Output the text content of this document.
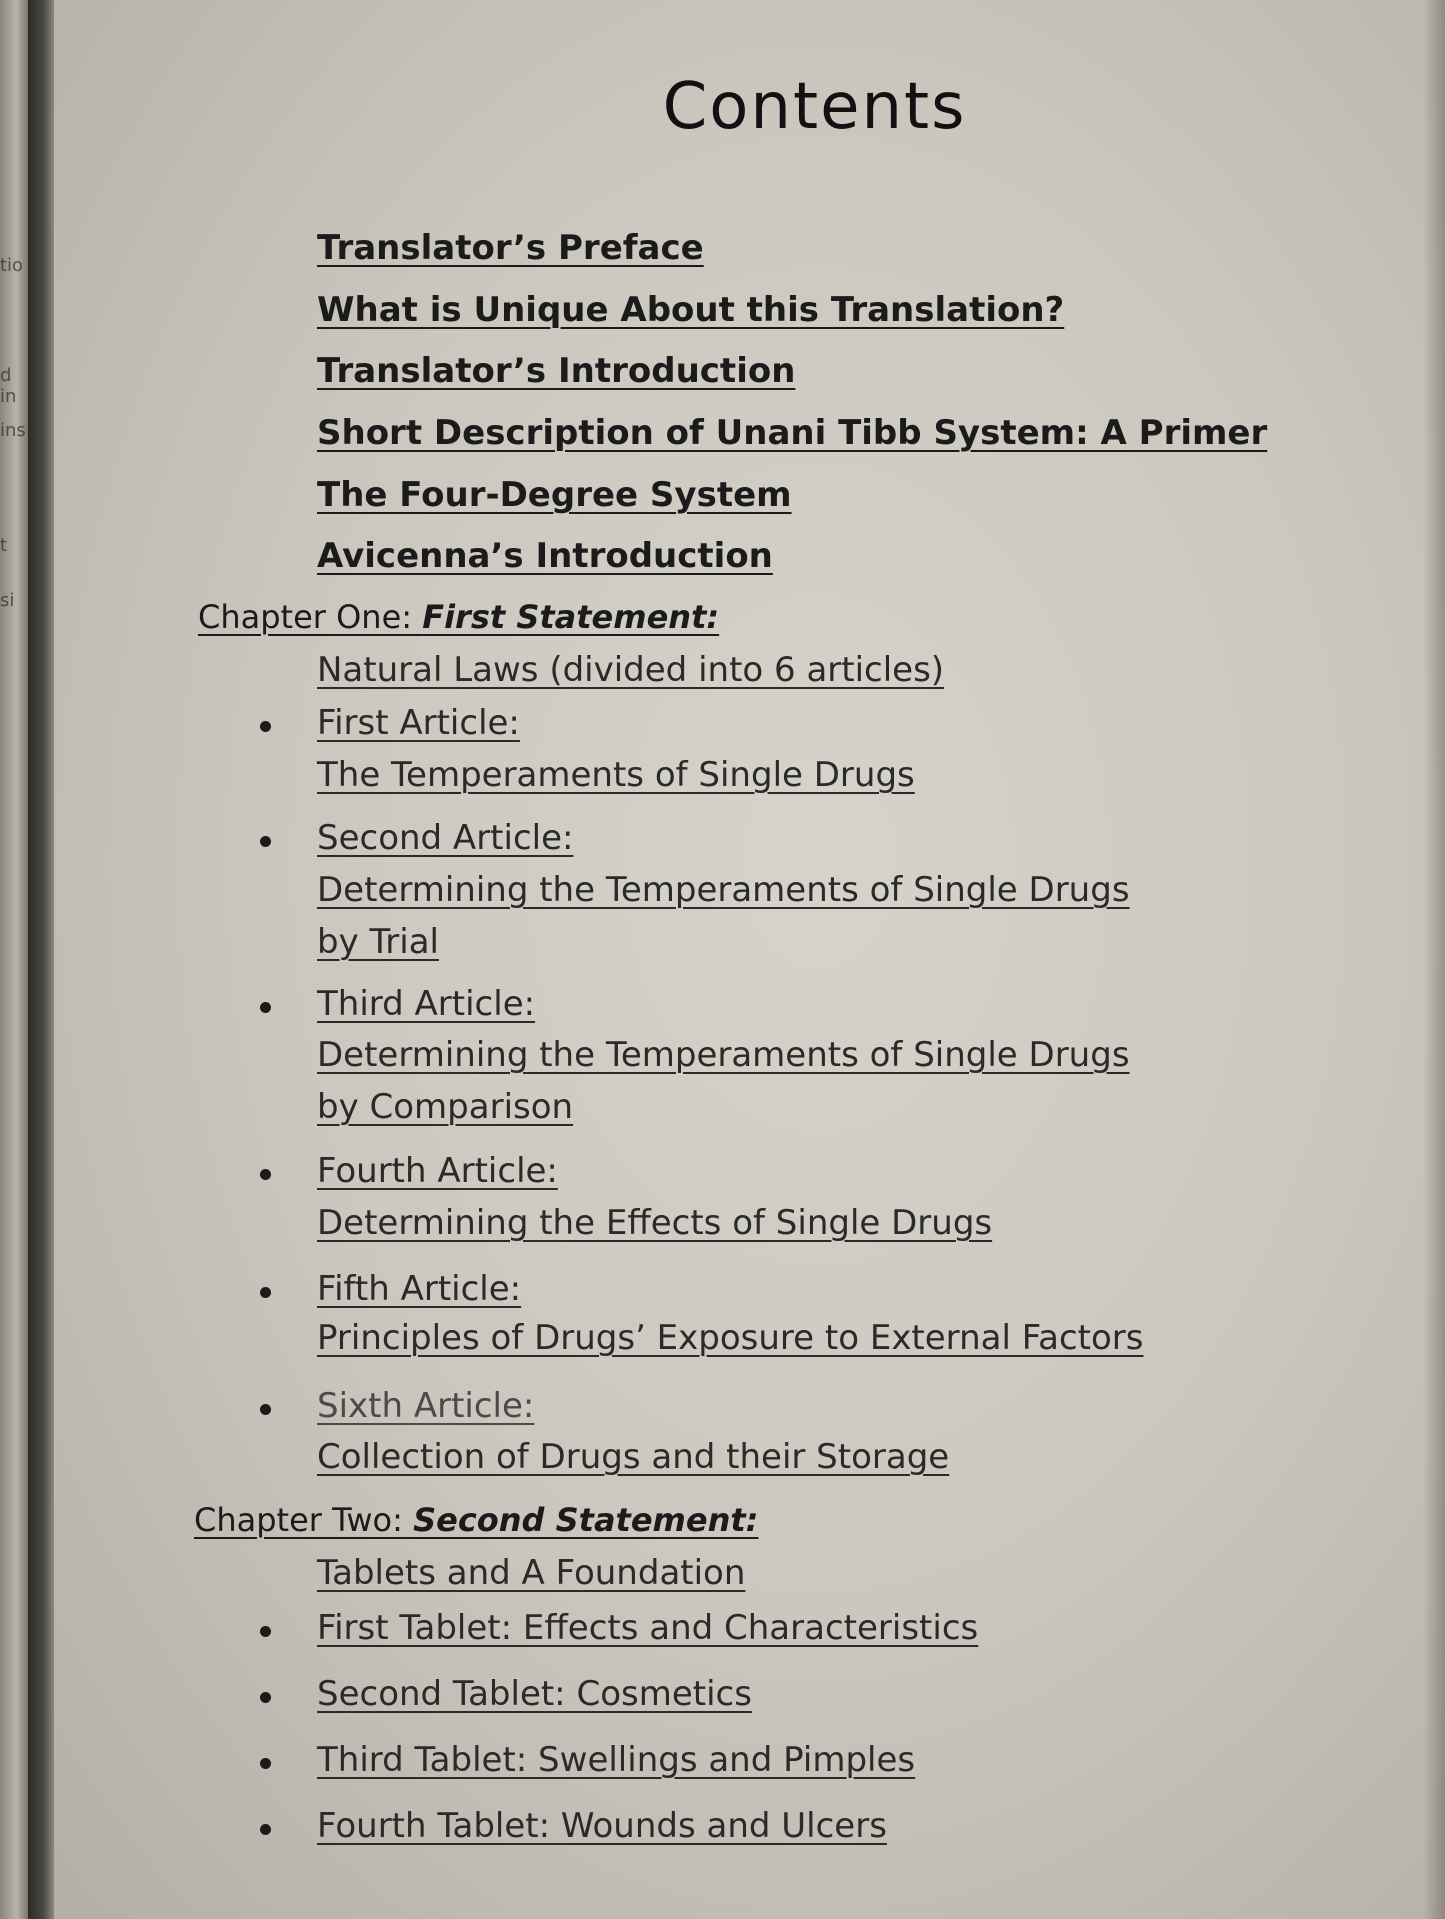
tio
d in
ins
t
si
Contents
Translator’s Preface
What is Unique About this Translation?
Translator’s Introduction
Short Description of Unani Tibb System: A Primer
The Four-Degree System
Avicenna’s Introduction
Chapter One: First Statement:
Natural Laws (divided into 6 articles)
First Article:
The Temperaments of Single Drugs
Second Article:
Determining the Temperaments of Single Drugs
by Trial
Third Article:
Determining the Temperaments of Single Drugs
by Comparison
Fourth Article:
Determining the Effects of Single Drugs
Fifth Article:
Principles of Drugs’ Exposure to External Factors
Sixth Article:
Collection of Drugs and their Storage
Chapter Two: Second Statement:
Tablets and A Foundation
First Tablet: Effects and Characteristics
Second Tablet: Cosmetics
Third Tablet: Swellings and Pimples
Fourth Tablet: Wounds and Ulcers
